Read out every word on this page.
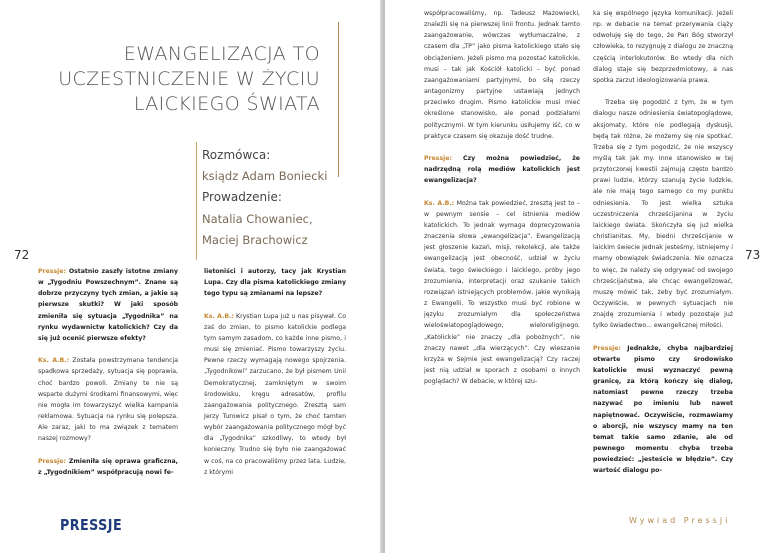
EWANGELIZACJA TO
UCZESTNICZENIE W ŻYCIU
LAICKIEGO ŚWIATA
Rozmówca:
ksiądz Adam Boniecki
Prowadzenie:
Natalia Chowaniec,
Maciej Brachowicz
72

Pressje: Ostatnio zaszły istotne zmiany w „Tygodniu Powszechnym”. Znane są dobrze przyczyny tych zmian, a jakie są pierwsze skutki? W jaki sposób zmieniła się sytuacja „Tygodnika” na rynku wydawnictw katolickich? Czy da się już ocenić pierwsze efekty?

Ks. A.B.: Została powstrzymana tendencja spadkowa sprzedaży, sytuacja się poprawia, choć bardzo powoli. Zmiany te nie są wsparte dużymi środkami finansowymi, więc nie mogła im towarzyszyć wielka kampania reklamowa. Sytuacja na rynku się polepsza. Ale zaraz, jaki to ma związek z tematem naszej rozmowy?

Pressje: Zmieniła się oprawa graficzna, z „Tygodnikiem” współpracują nowi fe-

lietoniści i autorzy, tacy jak Krystian Lupa. Czy dla pisma katolickiego zmiany tego typu są zmianami na lepsze?

Ks. A.B.: Krystian Lupa już u nas pisywał. Co zaś do zmian, to pismo katolickie podlega tym samym zasadom, co każde inne pismo, i musi się zmieniać. Pismo towarzyszy życiu. Pewne rzeczy wymagają nowego spojrzenia. „Tygodnikowi” zarzucano, że był pismem Unii Demokratycznej, zamkniętym w swoim środowisku, kręgu adresatów, profilu zaangażowania politycznego. Zresztą sam Jerzy Turowicz pisał o tym, że choć tamten wybór zaangażowania politycznego mógł być dla „Tygodnika” szkodliwy, to wtedy był konieczny. Trudno się było nie zaangażować w coś, na co pracowaliśmy przez lata. Ludzie, z którymi

PRESSJE

współpracowaliśmy, np. Tadeusz Mazowiecki, znaleźli się na pierwszej linii frontu. Jednak tamto zaangażowanie, wówczas wytłumaczalne, z czasem dla „TP” jako pisma katolickiego stało się obciążeniem. Jeżeli pismo ma pozostać katolickie, musi – tak jak Kościół katolicki – być ponad zaangażowaniami partyjnymi, bo siłą rzeczy antagonizmy partyjne ustawiają jednych przeciwko drugim. Pismo katolickie musi mieć określone stanowisko, ale ponad podziałami politycznymi. W tym kierunku usiłujemy iść, co w praktyce czasem się okazuje dość trudne.

Pressje: Czy można powiedzieć, że nadrzędną rolą mediów katolickich jest ewangelizacja?

Ks. A.B.: Można tak powiedzieć, zresztą jest to – w pewnym sensie – cel istnienia mediów katolickich. To jednak wymaga doprecyzowania znaczenia słowa „ewangelizacja”. Ewangelizacją jest głoszenie kazań, misji, rekolekcji, ale także ewangelizacją jest obecność, udział w życiu świata, tego świeckiego i laickiego, próby jego zrozumienia, interpretacji oraz szukanie takich rozwiązań istniejących problemów, jakie wynikają z Ewangelii. To wszystko musi być robione w języku zrozumiałym dla społeczeństwa wieloświatopoglądowego, wieloreligijnego. „Katolickie” nie znaczy „dla pobożnych”, nie znaczy nawet „dla wierzących”. Czy wieszanie krzyża w Sejmie jest ewangelizacją? Czy raczej jest nią udział w sporach z osobami o innych poglądach? W debacie, w której szu-

ka się wspólnego języka komunikacji. Jeżeli np. w debacie na temat przerywania ciąży odwołuję się do tego, że Pan Bóg stworzył człowieka, to rezygnuję z dialogu ze znaczną częścią interlokutorów. Bo wtedy dla nich dialog staje się bezprzedmiotowy, a nas spotka zarzut ideologizowania prawa.

Trzeba się pogodzić z tym, że w tym dialogu nasze odniesienia światopoglądowe, aksjomaty, które nie podlegają dyskusji, będą tak różne, że możemy się nie spotkać. Trzeba się z tym pogodzić, że nie wszyscy myślą tak jak my. Inne stanowisko w tej przytoczonej kwestii zajmują często bardzo prawi ludzie, którzy szanują życie ludzkie, ale nie mają tego samego co my punktu odniesienia. To jest wielka sztuka uczestniczenia chrześcijanina w życiu laickiego świata. Skończyła się już wielka christianitas. My, biedni chrześcijanie w laickim świecie jednak jesteśmy, istniejemy i mamy obowiązek świadczenia. Nie oznacza to więc, że należy się odgrywać od swojego chrześcijaństwa, ale chcąc ewangelizować, muszę mówić tak, żeby być zrozumiałym. Oczywiście, w pewnych sytuacjach nie znajdę zrozumienia i wtedy pozostaje już tylko świadectwo... ewangelicznej miłości.

Pressje: Jednakże, chyba najbardziej otwarte pismo czy środowisko katolickie musi wyznaczyć pewną granicę, za którą kończy się dialog, natomiast pewne rzeczy trzeba nazywać po imieniu lub nawet napiętnować. Oczywiście, rozmawiamy o aborcji, nie wszyscy mamy na ten temat takie samo zdanie, ale od pewnego momentu chyba trzeba powiedzieć: „jesteście w błędzie”. Czy wartość dialogu po-

73
Wywiad Pressji
